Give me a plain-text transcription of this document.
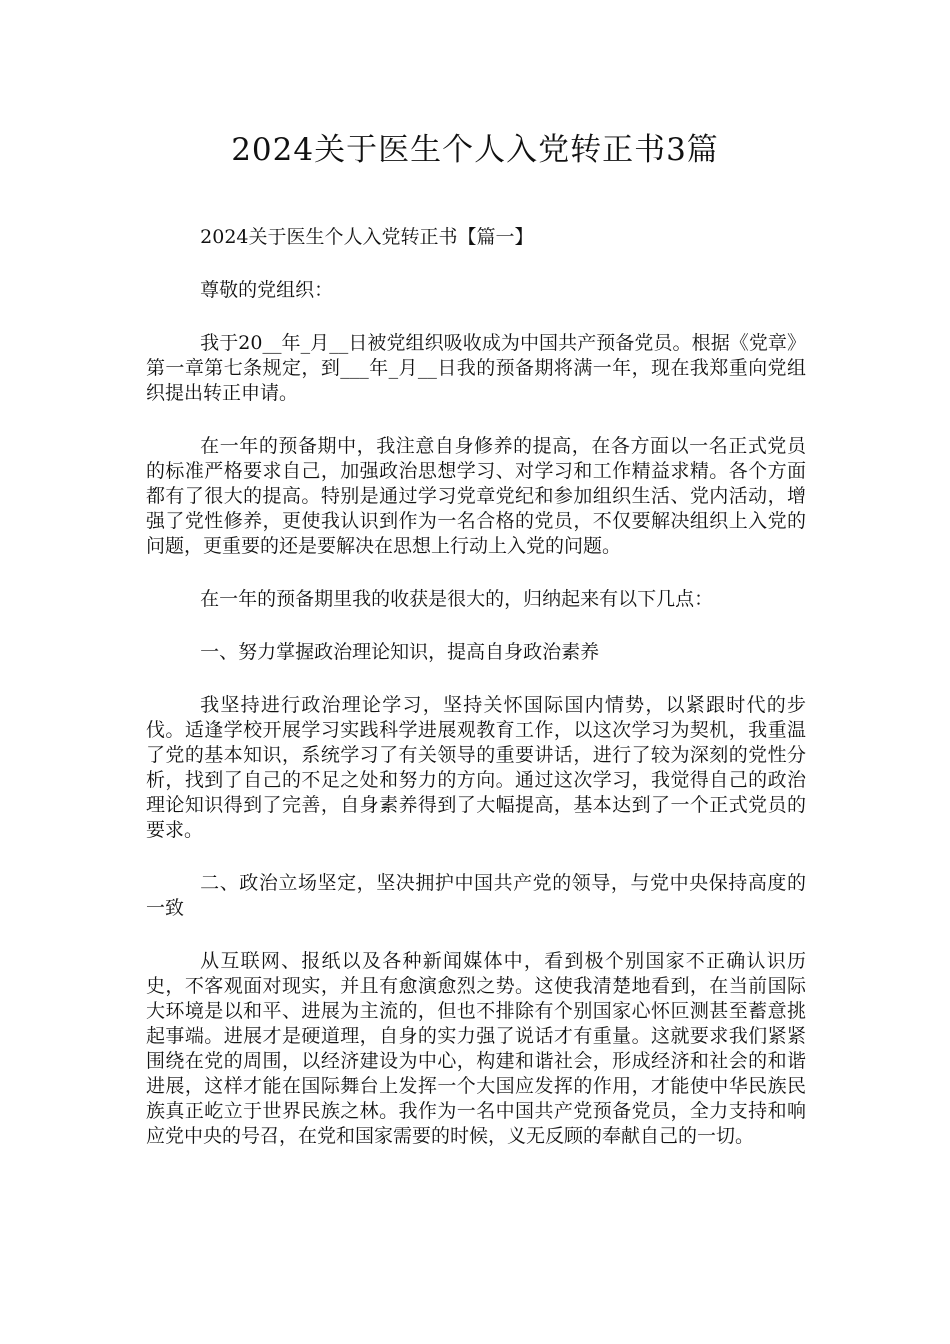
2024关于医生个人入党转正书3篇

2024关于医生个人入党转正书【篇一】

尊敬的党组织：

我于20__年_月__日被党组织吸收成为中国共产预备党员。根据《党章》第一章第七条规定，到___年_月__日我的预备期将满一年，现在我郑重向党组织提出转正申请。

在一年的预备期中，我注意自身修养的提高，在各方面以一名正式党员的标准严格要求自己，加强政治思想学习、对学习和工作精益求精。各个方面都有了很大的提高。特别是通过学习党章党纪和参加组织生活、党内活动，增强了党性修养，更使我认识到作为一名合格的党员，不仅要解决组织上入党的问题，更重要的还是要解决在思想上行动上入党的问题。

在一年的预备期里我的收获是很大的，归纳起来有以下几点：

一、努力掌握政治理论知识，提高自身政治素养

我坚持进行政治理论学习，坚持关怀国际国内情势，以紧跟时代的步伐。适逢学校开展学习实践科学进展观教育工作，以这次学习为契机，我重温了党的基本知识，系统学习了有关领导的重要讲话，进行了较为深刻的党性分析，找到了自己的不足之处和努力的方向。通过这次学习，我觉得自己的政治理论知识得到了完善，自身素养得到了大幅提高，基本达到了一个正式党员的要求。

二、政治立场坚定，坚决拥护中国共产党的领导，与党中央保持高度的一致

从互联网、报纸以及各种新闻媒体中，看到极个别国家不正确认识历史，不客观面对现实，并且有愈演愈烈之势。这使我清楚地看到，在当前国际大环境是以和平、进展为主流的，但也不排除有个别国家心怀叵测甚至蓄意挑起事端。进展才是硬道理，自身的实力强了说话才有重量。这就要求我们紧紧围绕在党的周围，以经济建设为中心，构建和谐社会，形成经济和社会的和谐进展，这样才能在国际舞台上发挥一个大国应发挥的作用，才能使中华民族民族真正屹立于世界民族之林。我作为一名中国共产党预备党员，全力支持和响应党中央的号召，在党和国家需要的时候，义无反顾的奉献自己的一切。
